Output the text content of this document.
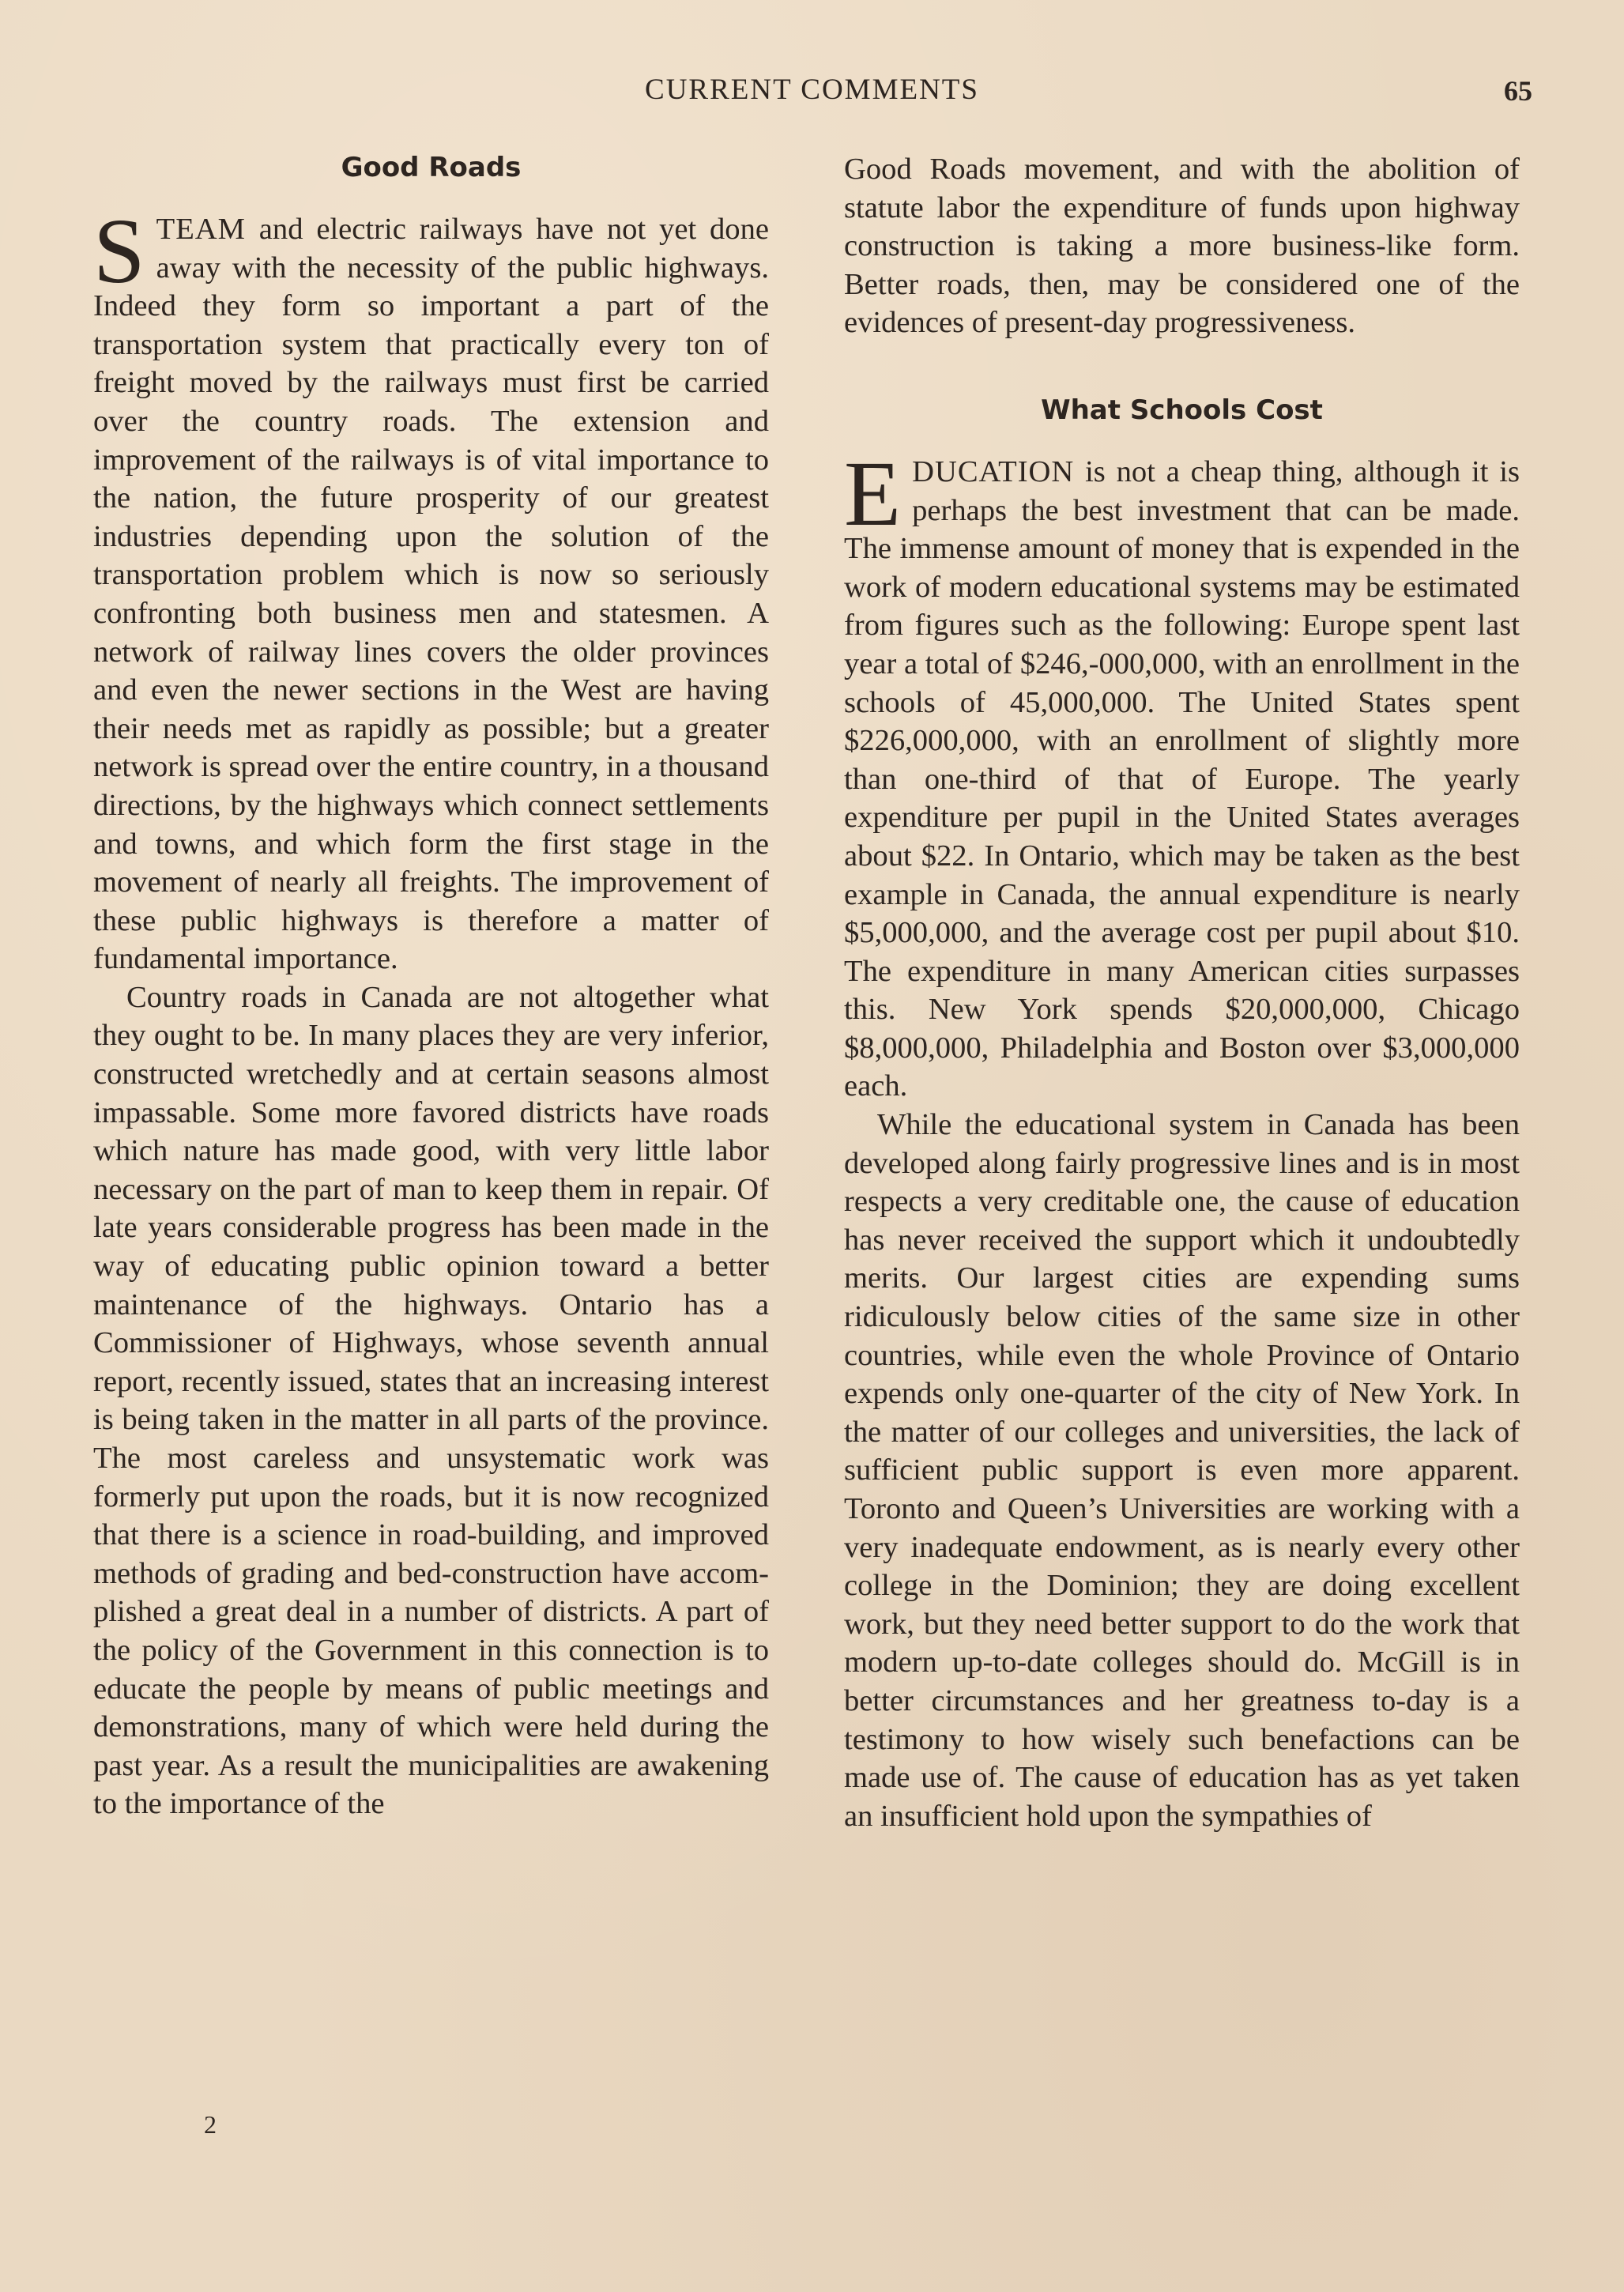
CURRENT COMMENTS	65
Good Roads

STEAM and electric railways have not yet done away with the necessity of the public highways. Indeed they form so important a part of the transportation system that practically every ton of freight moved by the railways must first be carried over the country roads. The extension and improvement of the railways is of vital importance to the nation, the future prosperity of our greatest industries depending upon the solution of the transportation problem which is now so seriously confronting both business men and statesmen. A network of railway lines covers the older provinces and even the newer sections in the West are having their needs met as rapidly as possible; but a greater network is spread over the entire country, in a thousand directions, by the highways which connect settlements and towns, and which form the first stage in the movement of nearly all freights. The improvement of these public highways is therefore a matter of fundamental importance.

Country roads in Canada are not altogether what they ought to be. In many places they are very inferior, constructed wretchedly and at certain seasons almost impassable. Some more favored districts have roads which nature has made good, with very little labor necessary on the part of man to keep them in repair. Of late years considerable progress has been made in the way of educating public opinion toward a better maintenance of the highways. Ontario has a Commissioner of Highways, whose seventh annual report, recently issued, states that an increasing interest is being taken in the matter in all parts of the province. The most careless and unsystematic work was formerly put upon the roads, but it is now recognized that there is a science in road-building, and improved methods of grading and bed-construction have accomplished a great deal in a number of districts. A part of the policy of the Government in this connection is to educate the people by means of public meetings and demonstrations, many of which were held during the past year. As a result the municipalities are awakening to the importance of the

Good Roads movement, and with the abolition of statute labor the expenditure of funds upon highway construction is taking a more business-like form. Better roads, then, may be considered one of the evidences of present-day progressiveness.

What Schools Cost

EDUCATION is not a cheap thing, although it is perhaps the best investment that can be made. The immense amount of money that is expended in the work of modern educational systems may be estimated from figures such as the following: Europe spent last year a total of $246,-000,000, with an enrollment in the schools of 45,000,000. The United States spent $226,000,000, with an enrollment of slightly more than one-third of that of Europe. The yearly expenditure per pupil in the United States averages about $22. In Ontario, which may be taken as the best example in Canada, the annual expenditure is nearly $5,000,000, and the average cost per pupil about $10. The expenditure in many American cities surpasses this. New York spends $20,000,000, Chicago $8,000,000, Philadelphia and Boston over $3,000,000 each.

While the educational system in Canada has been developed along fairly progressive lines and is in most respects a very creditable one, the cause of education has never received the support which it undoubtedly merits. Our largest cities are expending sums ridiculously below cities of the same size in other countries, while even the whole Province of Ontario expends only one-quarter of the city of New York. In the matter of our colleges and universities, the lack of sufficient public support is even more apparent. Toronto and Queen’s Universities are working with a very inadequate endowment, as is nearly every other college in the Dominion; they are doing excellent work, but they need better support to do the work that modern up-to-date colleges should do. McGill is in better circumstances and her greatness to-day is a testimony to how wisely such benefactions can be made use of. The cause of education has as yet taken an insufficient hold upon the sympathies of

2
